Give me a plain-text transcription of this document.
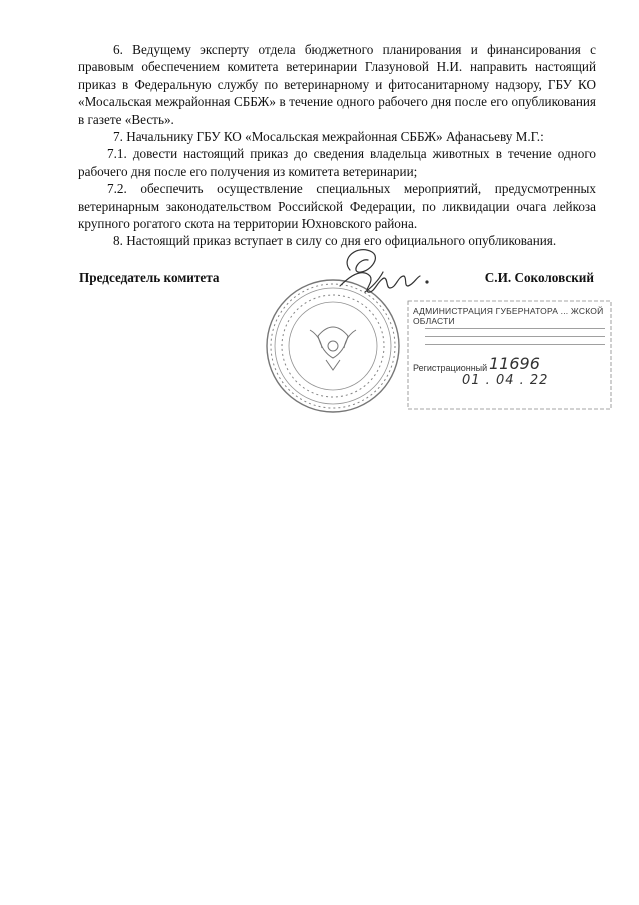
6. Ведущему эксперту отдела бюджетного планирования и финансирования с правовым обеспечением комитета ветеринарии Глазуновой Н.И. направить настоящий приказ в Федеральную службу по ветеринарному и фитосанитарному надзору, ГБУ КО «Мосальская межрайонная СББЖ» в течение одного рабочего дня после его опубликования в газете «Весть».

7. Начальнику ГБУ КО «Мосальская межрайонная СББЖ» Афанасьеву М.Г.:

7.1. довести настоящий приказ до сведения владельца животных в течение одного рабочего дня после его получения из комитета ветеринарии;

7.2. обеспечить осуществление специальных мероприятий, предусмотренных ветеринарным законодательством Российской Федерации, по ликвидации очага лейкоза крупного рогатого скота на территории Юхновского района.

8. Настоящий приказ вступает в силу со дня его официального опубликования.

Председатель комитета	С.И. Соколовский
АДМИНИСТРАЦИЯ ГУБЕРНАТОРА ... ЖСКОЙ ОБЛАСТИ
Регистрационный 11696
01 . 04 . 22
